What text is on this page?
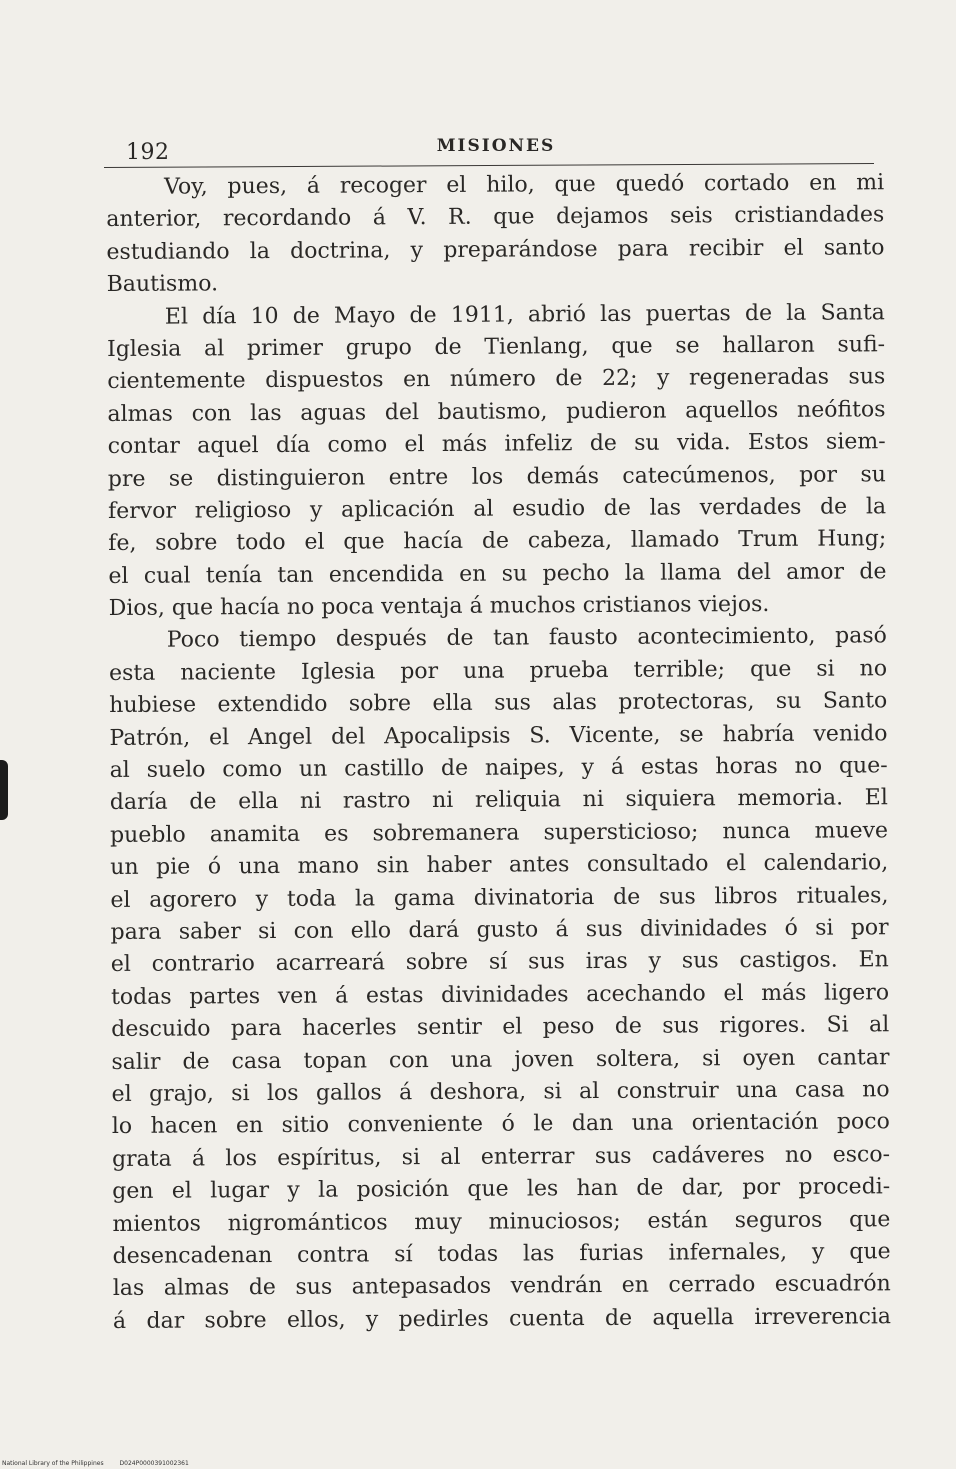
192	MISIONES
Voy, pues, á recoger el hilo, que quedó cortado en mi
anterior, recordando á V. R. que dejamos seis cristiandades
estudiando la doctrina, y preparándose para recibir el santo
Bautismo.
El día 10 de Mayo de 1911, abrió las puertas de la Santa
Iglesia al primer grupo de Tienlang, que se hallaron sufi-
cientemente dispuestos en número de 22; y regeneradas sus
almas con las aguas del bautismo, pudieron aquellos neófitos
contar aquel día como el más infeliz de su vida. Estos siem-
pre se distinguieron entre los demás catecúmenos, por su
fervor religioso y aplicación al esudio de las verdades de la
fe, sobre todo el que hacía de cabeza, llamado Trum Hung;
el cual tenía tan encendida en su pecho la llama del amor de
Dios, que hacía no poca ventaja á muchos cristianos viejos.
Poco tiempo después de tan fausto acontecimiento, pasó
esta naciente Iglesia por una prueba terrible; que si no
hubiese extendido sobre ella sus alas protectoras, su Santo
Patrón, el Angel del Apocalipsis S. Vicente, se habría venido
al suelo como un castillo de naipes, y á estas horas no que-
daría de ella ni rastro ni reliquia ni siquiera memoria. El
pueblo anamita es sobremanera supersticioso; nunca mueve
un pie ó una mano sin haber antes consultado el calendario,
el agorero y toda la gama divinatoria de sus libros rituales,
para saber si con ello dará gusto á sus divinidades ó si por
el contrario acarreará sobre sí sus iras y sus castigos. En
todas partes ven á estas divinidades acechando el más ligero
descuido para hacerles sentir el peso de sus rigores. Si al
salir de casa topan con una joven soltera, si oyen cantar
el grajo, si los gallos á deshora, si al construir una casa no
lo hacen en sitio conveniente ó le dan una orientación poco
grata á los espíritus, si al enterrar sus cadáveres no esco-
gen el lugar y la posición que les han de dar, por procedi-
mientos nigrománticos muy minuciosos; están seguros que
desencadenan contra sí todas las furias infernales, y que
las almas de sus antepasados vendrán en cerrado escuadrón
á dar sobre ellos, y pedirles cuenta de aquella irreverencia
National Library of the Philippines	D024P0000391002361
